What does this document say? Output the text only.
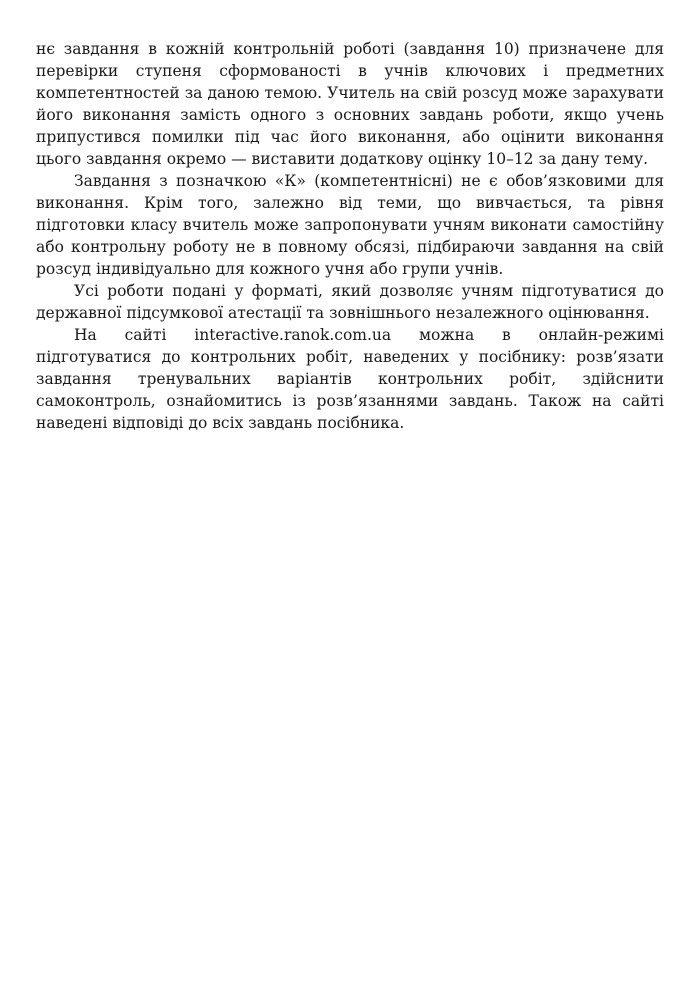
нє завдання в кожній контрольній роботі (завдання 10) призначене для перевірки ступеня сформованості в учнів ключових і предметних компетентностей за даною темою. Учитель на свій розсуд може зарахувати його виконання замість одного з основних завдань роботи, якщо учень припустився помилки під час його виконання, або оцінити виконання цього завдання окремо — виставити додаткову оцінку 10–12 за дану тему.

Завдання з позначкою «К» (компетентнісні) не є обов’язковими для виконання. Крім того, залежно від теми, що вивчається, та рівня підготовки класу вчитель може запропонувати учням виконати самостійну або контрольну роботу не в повному обсязі, підбираючи завдання на свій розсуд індивідуально для кожного учня або групи учнів.

Усі роботи подані у форматі, який дозволяє учням підготуватися до державної підсумкової атестації та зовнішнього незалежного оцінювання.

На сайті interactive.ranok.com.ua можна в онлайн-режимі підготуватися до контрольних робіт, наведених у посібнику: розв’язати завдання тренувальних варіантів контрольних робіт, здійснити самоконтроль, ознайомитись із розв’язаннями завдань. Також на сайті наведені відповіді до всіх завдань посібника.
